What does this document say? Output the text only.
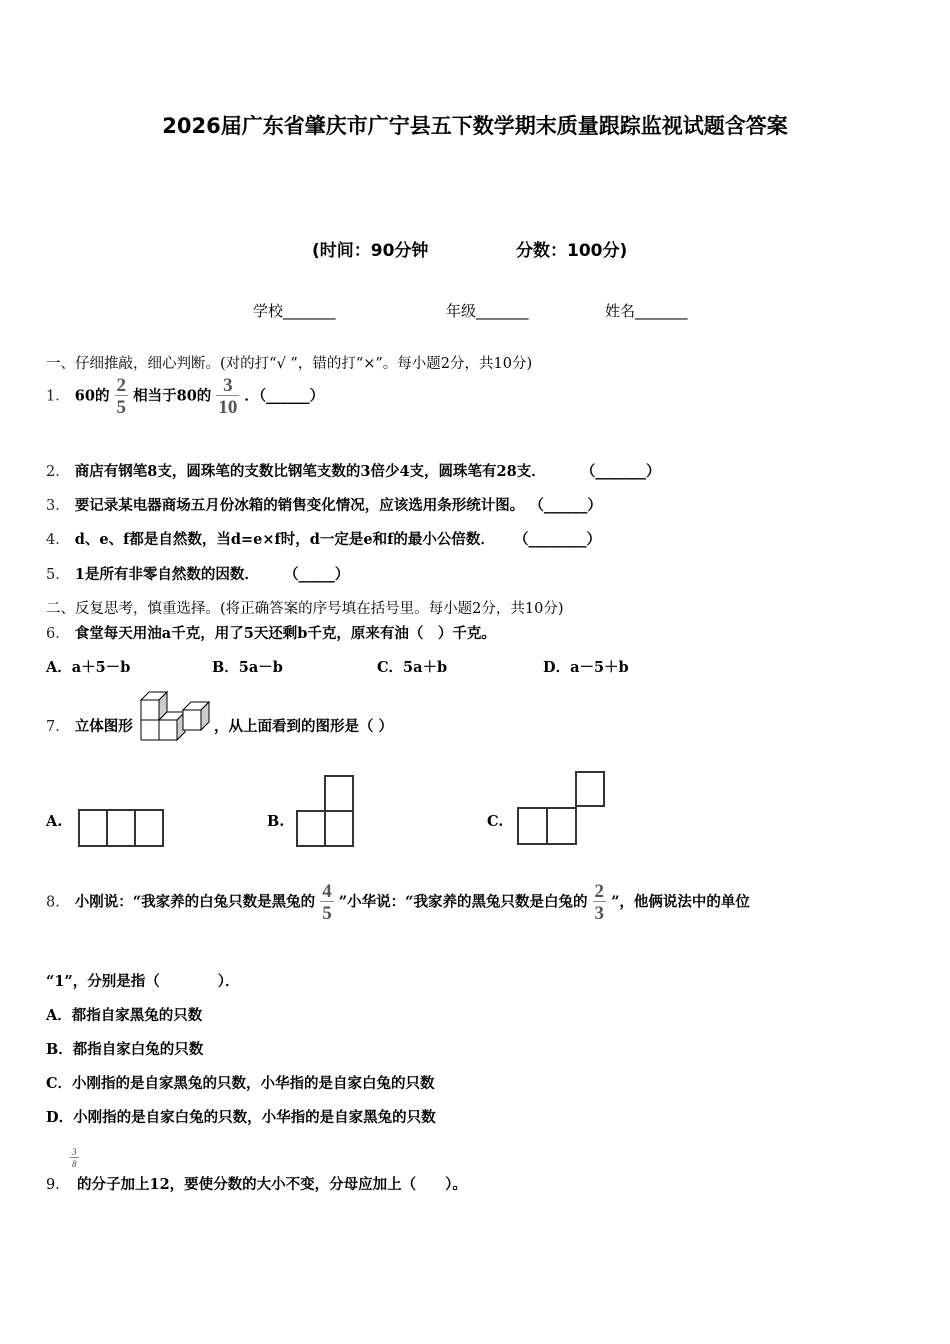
2026届广东省肇庆市广宁县五下数学期末质量跟踪监视试题含答案
(时间：90分钟	分数：100分)
学校_______	年级_______	姓名_______
一、仔细推敲，细心判断。(对的打“√ ”，错的打“×”。每小题2分，共10分)
1． 60的 $\frac{2}{5}$ 相当于80的 $\frac{3}{10}$ ．（______）
2． 商店有钢笔8支，圆珠笔的支数比钢笔支数的3倍少4支，圆珠笔有28支． （_______）
3． 要记录某电器商场五月份冰箱的销售变化情况，应该选用条形统计图。 （______）
4． d、e、f都是自然数，当d=e×f时，d一定是e和f的最小公倍数． （________）
5． 1是所有非零自然数的因数． （_____）
二、反复思考，慎重选择。(将正确答案的序号填在括号里。每小题2分，共10分)
6． 食堂每天用油a千克，用了5天还剩b千克，原来有油（　）千克。
A．a＋5－b	B．5a－b	C．5a＋b	D．a－5＋b
7． 立体图形	，从上面看到的图形是（ ）
A.	B.	C.
8． 小刚说：“我家养的白兔只数是黑兔的 $\frac{4}{5}$ ”小华说：“我家养的黑兔只数是白兔的 $\frac{2}{3}$ ”，他俩说法中的单位
“1”，分别是指（　　　　）．
A．都指自家黑兔的只数
B．都指自家白兔的只数
C．小刚指的是自家黑兔的只数，小华指的是自家白兔的只数
D．小刚指的是自家白兔的只数，小华指的是自家黑兔的只数
9．
$\frac{3}{8}$
的分子加上12，要使分数的大小不变，分母应加上（　　）。
